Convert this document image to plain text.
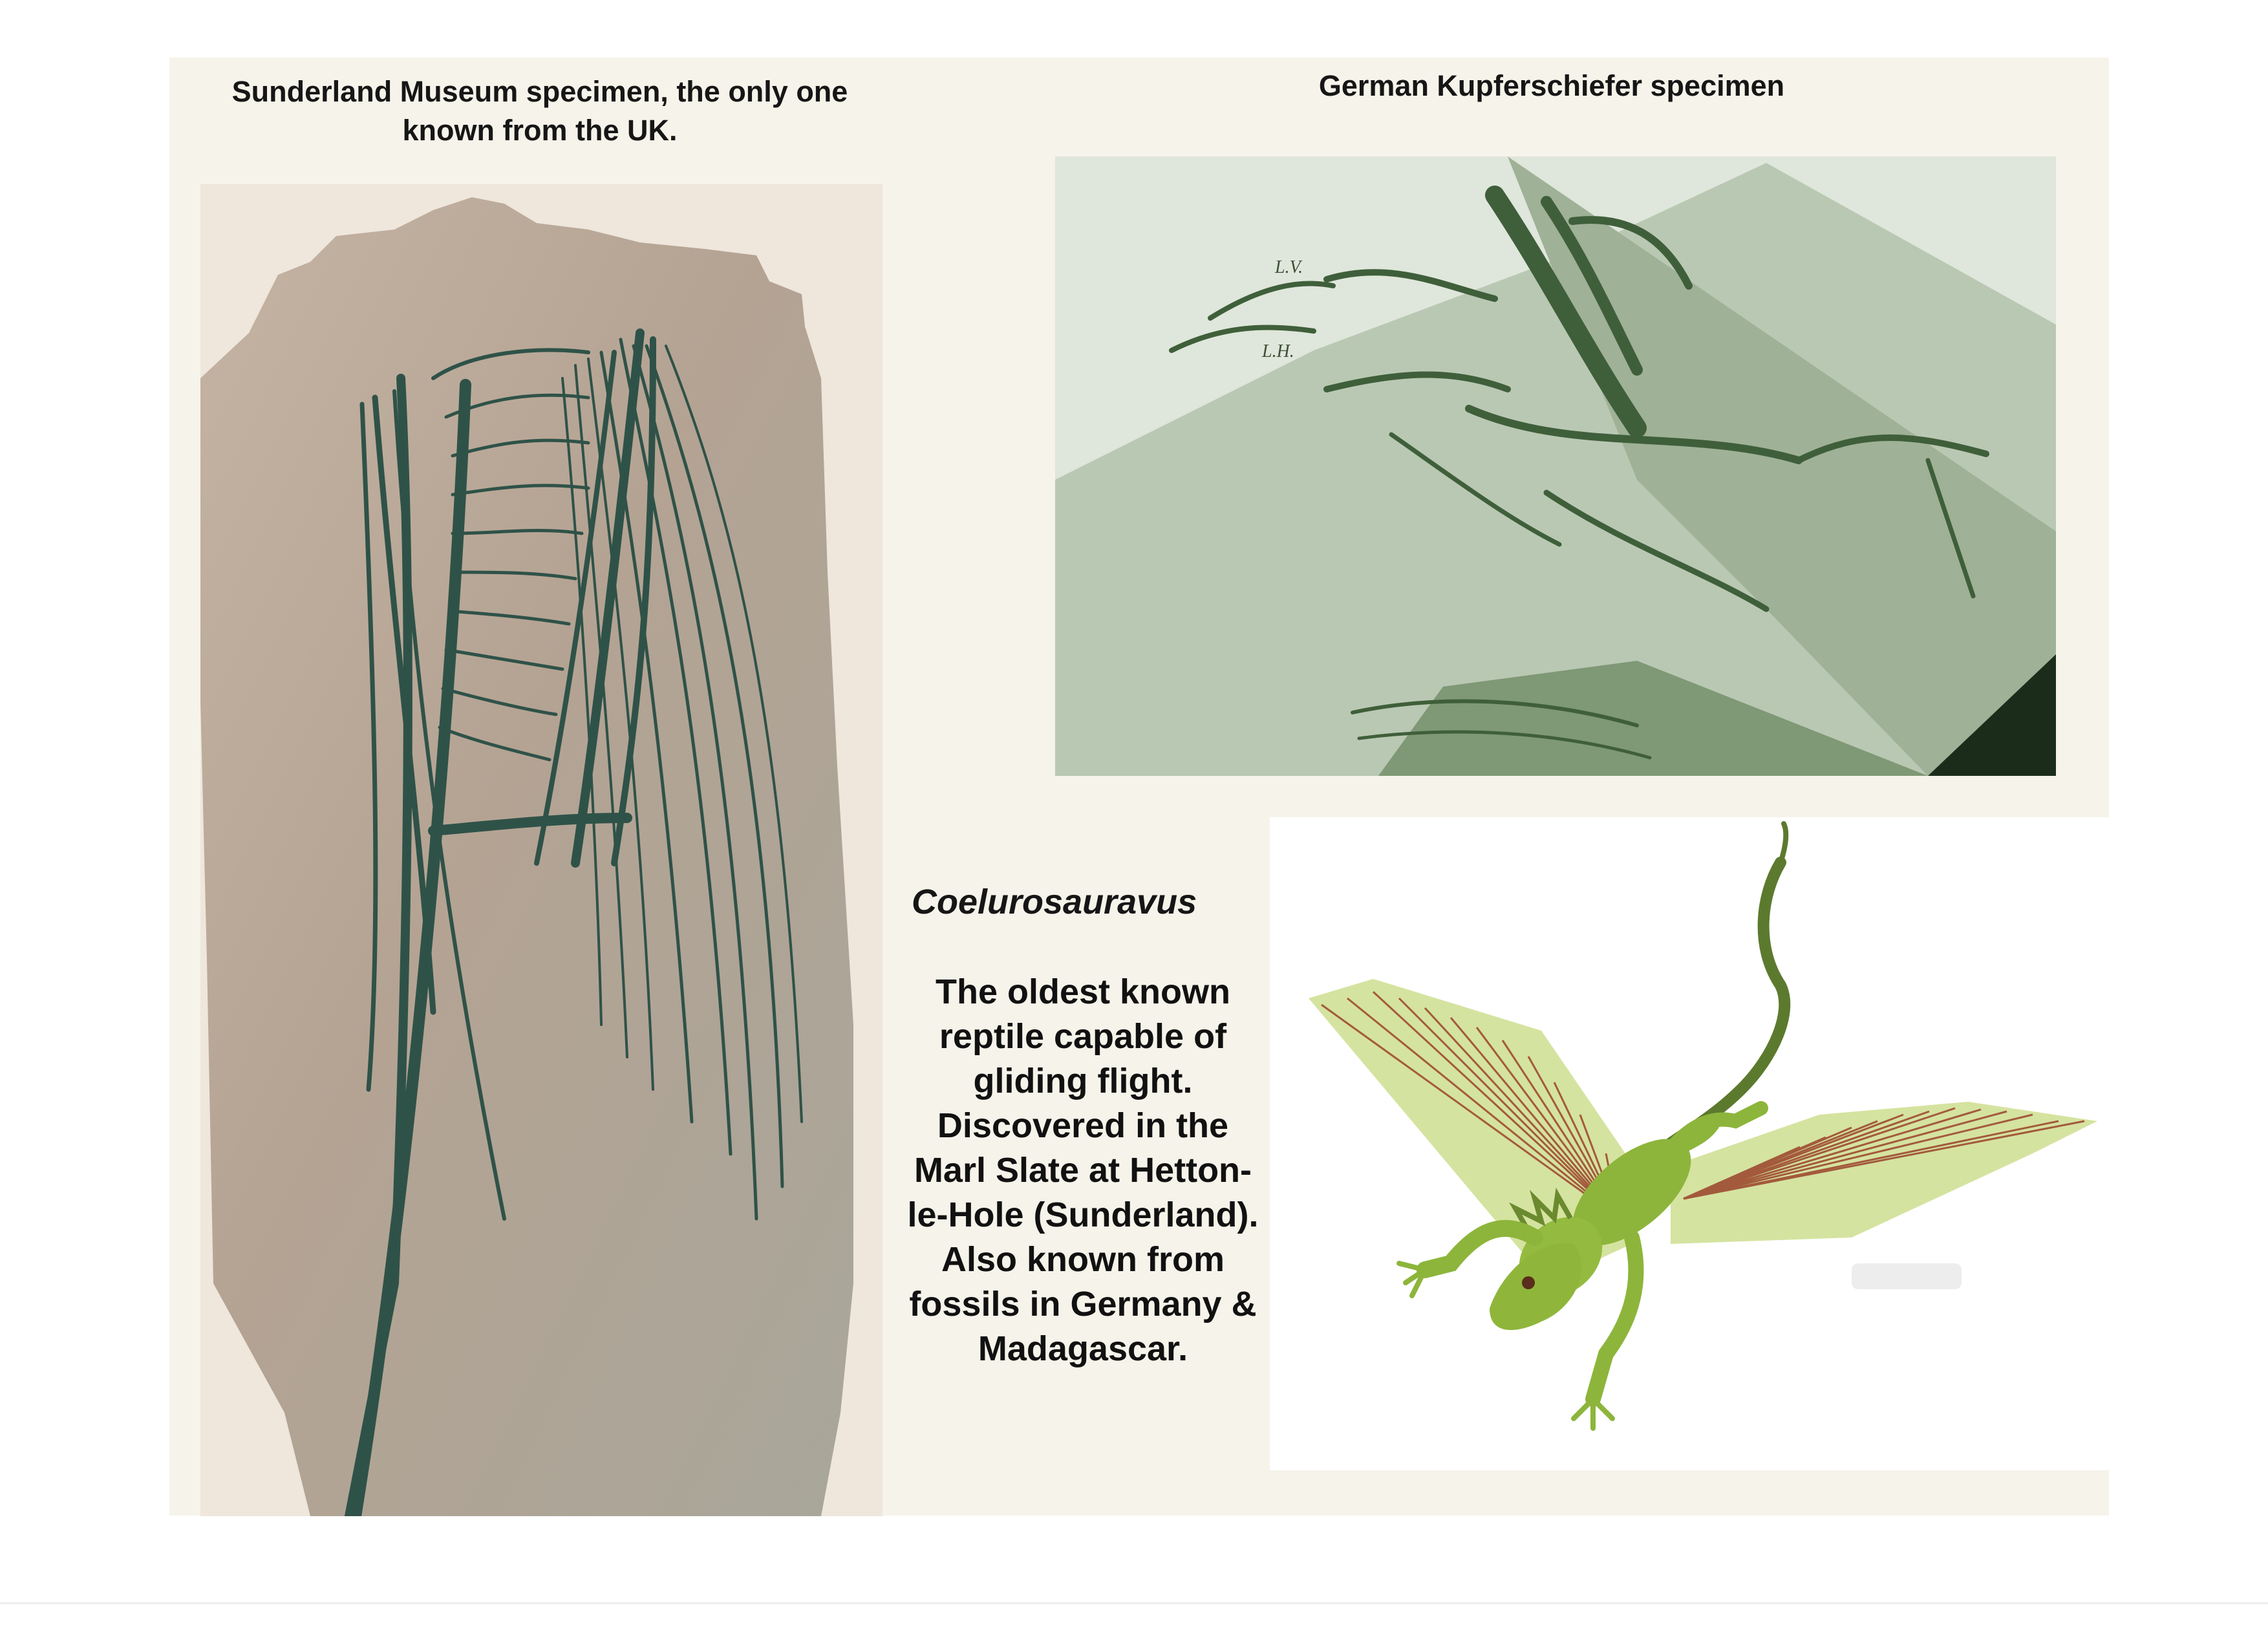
Sunderland Museum specimen, the only one known from the UK.
German Kupferschiefer specimen
L.V.
L.H.
Coelurosauravus
The oldest known reptile capable of gliding flight. Discovered in the Marl Slate at Hetton-le-Hole (Sunderland). Also known from fossils in Germany & Madagascar.
